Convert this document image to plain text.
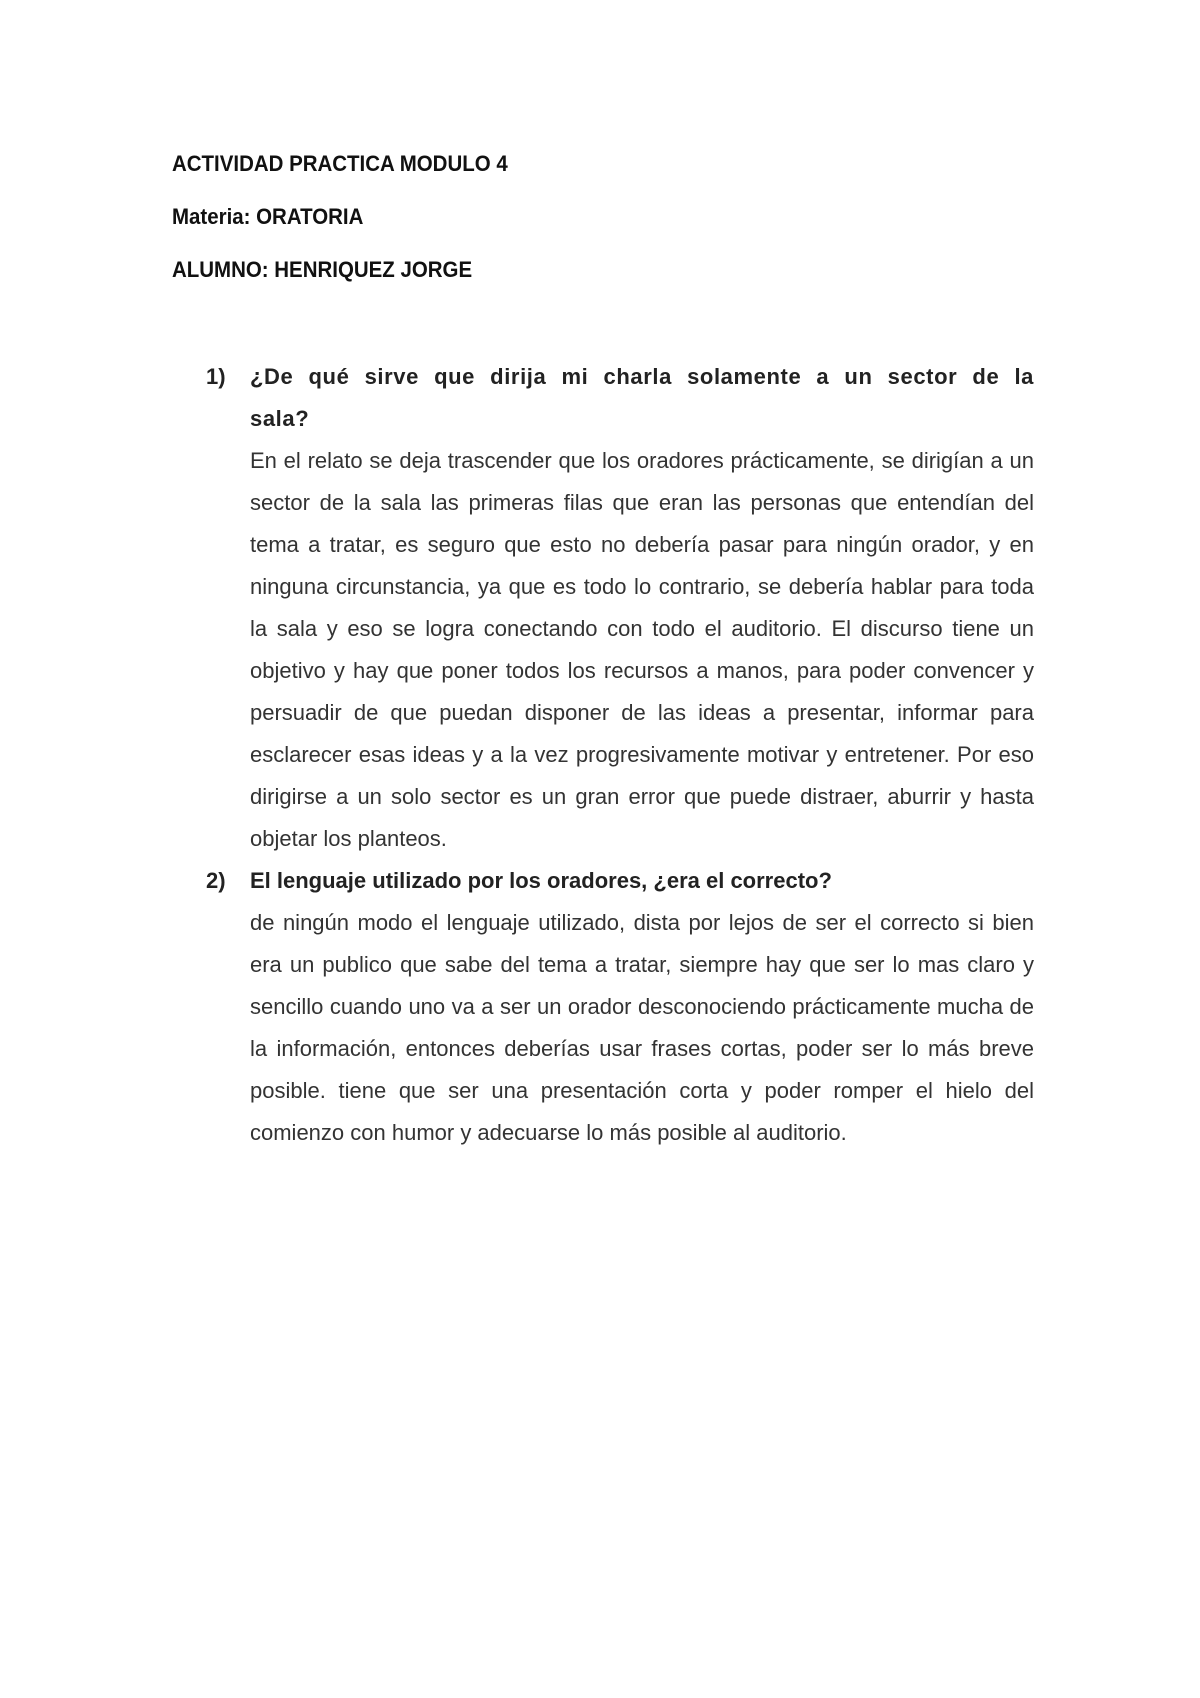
ACTIVIDAD PRACTICA MODULO 4
Materia: ORATORIA
ALUMNO: HENRIQUEZ JORGE
1) ¿De qué sirve que dirija mi charla solamente a un sector de la sala?

En el relato se deja trascender que los oradores prácticamente, se dirigían a un sector de la sala las primeras filas que eran las personas que entendían del tema a tratar, es seguro que esto no debería pasar para ningún orador, y en ninguna circunstancia, ya que es todo lo contrario, se debería hablar para toda la sala y eso se logra conectando con todo el auditorio. El discurso tiene un objetivo y hay que poner todos los recursos a manos, para poder convencer y persuadir de que puedan disponer de las ideas a presentar, informar para esclarecer esas ideas y a la vez progresivamente motivar y entretener. Por eso dirigirse a un solo sector es un gran error que puede distraer, aburrir y hasta objetar los planteos.

2) El lenguaje utilizado por los oradores, ¿era el correcto?

de ningún modo el lenguaje utilizado, dista por lejos de ser el correcto si bien era un publico que sabe del tema a tratar, siempre hay que ser lo mas claro y sencillo cuando uno va a ser un orador desconociendo prácticamente mucha de la información, entonces deberías usar frases cortas, poder ser lo más breve posible. tiene que ser una presentación corta y poder romper el hielo del comienzo con humor y adecuarse lo más posible al auditorio.
